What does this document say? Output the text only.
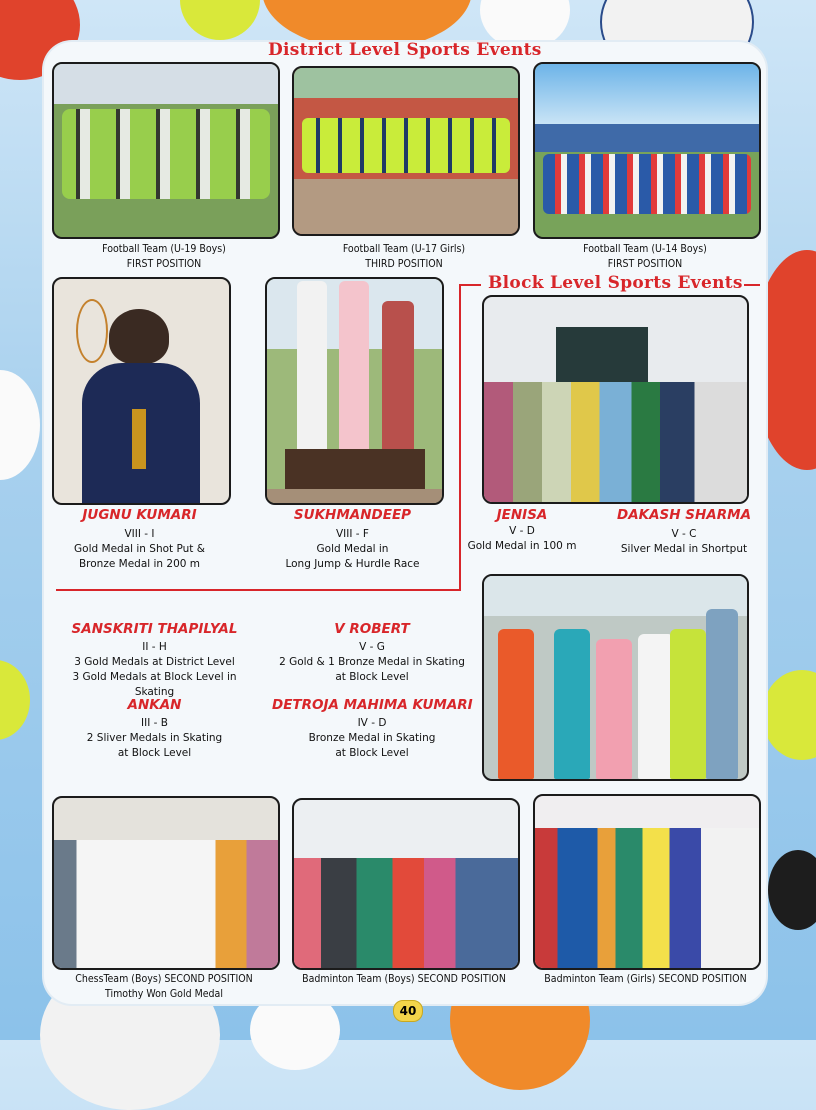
District Level Sports Events
Football Team (U-19 Boys)
FIRST POSITION
Football Team (U-17 Girls)
THIRD POSITION
Football Team (U-14 Boys)
FIRST POSITION
Block Level Sports Events
JUGNU KUMARI
VIII - I
Gold Medal in Shot Put &
Bronze Medal in 200 m
SUKHMANDEEP
VIII - F
Gold Medal in
Long Jump & Hurdle Race
JENISA
V - D
Gold Medal in 100 m
DAKASH SHARMA
V - C
Silver Medal in Shortput
SANSKRITI THAPILYAL
II - H
3 Gold Medals at District Level
3 Gold Medals at Block Level in Skating
V ROBERT
V - G
2 Gold & 1 Bronze Medal in Skating
at Block Level
ANKAN
III - B
2 Sliver Medals in Skating
at Block Level
DETROJA MAHIMA KUMARI
IV - D
Bronze Medal in Skating
at Block Level
ChessTeam (Boys) SECOND POSITION
Timothy Won Gold Medal
Badminton Team (Boys) SECOND POSITION	Badminton Team (Girls) SECOND POSITION
40
